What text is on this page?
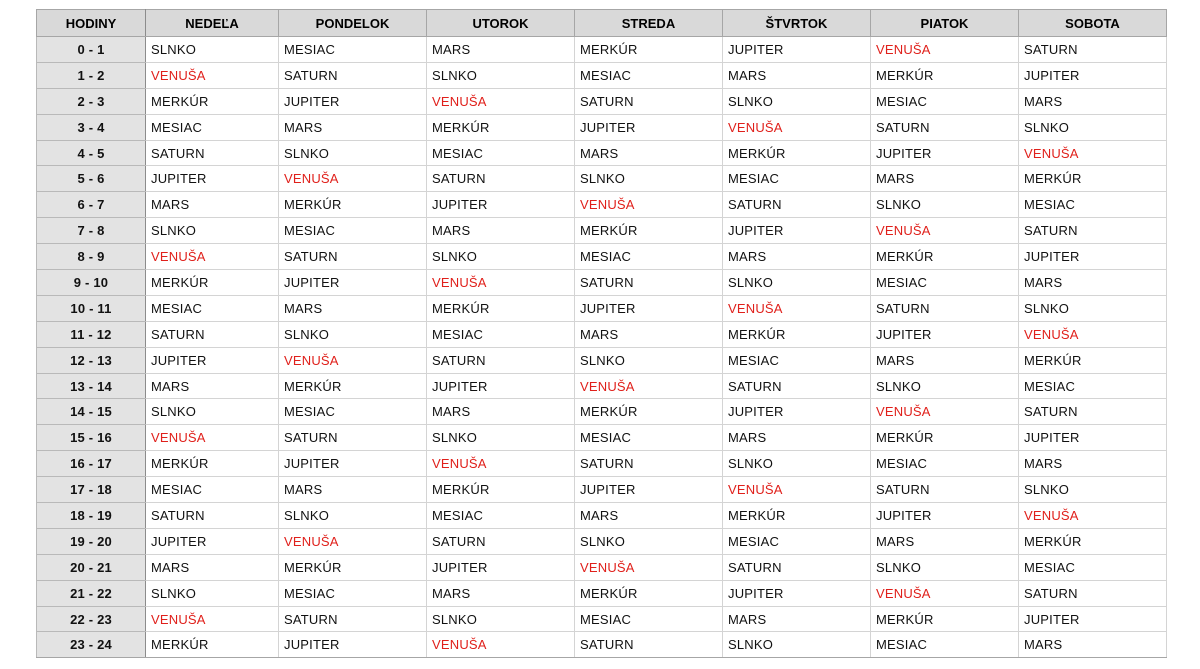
HODINY	NEDEĽA	PONDELOK	UTOROK	STREDA	ŠTVRTOK	PIATOK	SOBOTA
0 - 1	SLNKO	MESIAC	MARS	MERKÚR	JUPITER	VENUŠA	SATURN
1 - 2	VENUŠA	SATURN	SLNKO	MESIAC	MARS	MERKÚR	JUPITER
2 - 3	MERKÚR	JUPITER	VENUŠA	SATURN	SLNKO	MESIAC	MARS
3 - 4	MESIAC	MARS	MERKÚR	JUPITER	VENUŠA	SATURN	SLNKO
4 - 5	SATURN	SLNKO	MESIAC	MARS	MERKÚR	JUPITER	VENUŠA
5 - 6	JUPITER	VENUŠA	SATURN	SLNKO	MESIAC	MARS	MERKÚR
6 - 7	MARS	MERKÚR	JUPITER	VENUŠA	SATURN	SLNKO	MESIAC
7 - 8	SLNKO	MESIAC	MARS	MERKÚR	JUPITER	VENUŠA	SATURN
8 - 9	VENUŠA	SATURN	SLNKO	MESIAC	MARS	MERKÚR	JUPITER
9 - 10	MERKÚR	JUPITER	VENUŠA	SATURN	SLNKO	MESIAC	MARS
10 - 11	MESIAC	MARS	MERKÚR	JUPITER	VENUŠA	SATURN	SLNKO
11 - 12	SATURN	SLNKO	MESIAC	MARS	MERKÚR	JUPITER	VENUŠA
12 - 13	JUPITER	VENUŠA	SATURN	SLNKO	MESIAC	MARS	MERKÚR
13 - 14	MARS	MERKÚR	JUPITER	VENUŠA	SATURN	SLNKO	MESIAC
14 - 15	SLNKO	MESIAC	MARS	MERKÚR	JUPITER	VENUŠA	SATURN
15 - 16	VENUŠA	SATURN	SLNKO	MESIAC	MARS	MERKÚR	JUPITER
16 - 17	MERKÚR	JUPITER	VENUŠA	SATURN	SLNKO	MESIAC	MARS
17 - 18	MESIAC	MARS	MERKÚR	JUPITER	VENUŠA	SATURN	SLNKO
18 - 19	SATURN	SLNKO	MESIAC	MARS	MERKÚR	JUPITER	VENUŠA
19 - 20	JUPITER	VENUŠA	SATURN	SLNKO	MESIAC	MARS	MERKÚR
20 - 21	MARS	MERKÚR	JUPITER	VENUŠA	SATURN	SLNKO	MESIAC
21 - 22	SLNKO	MESIAC	MARS	MERKÚR	JUPITER	VENUŠA	SATURN
22 - 23	VENUŠA	SATURN	SLNKO	MESIAC	MARS	MERKÚR	JUPITER
23 - 24	MERKÚR	JUPITER	VENUŠA	SATURN	SLNKO	MESIAC	MARS
